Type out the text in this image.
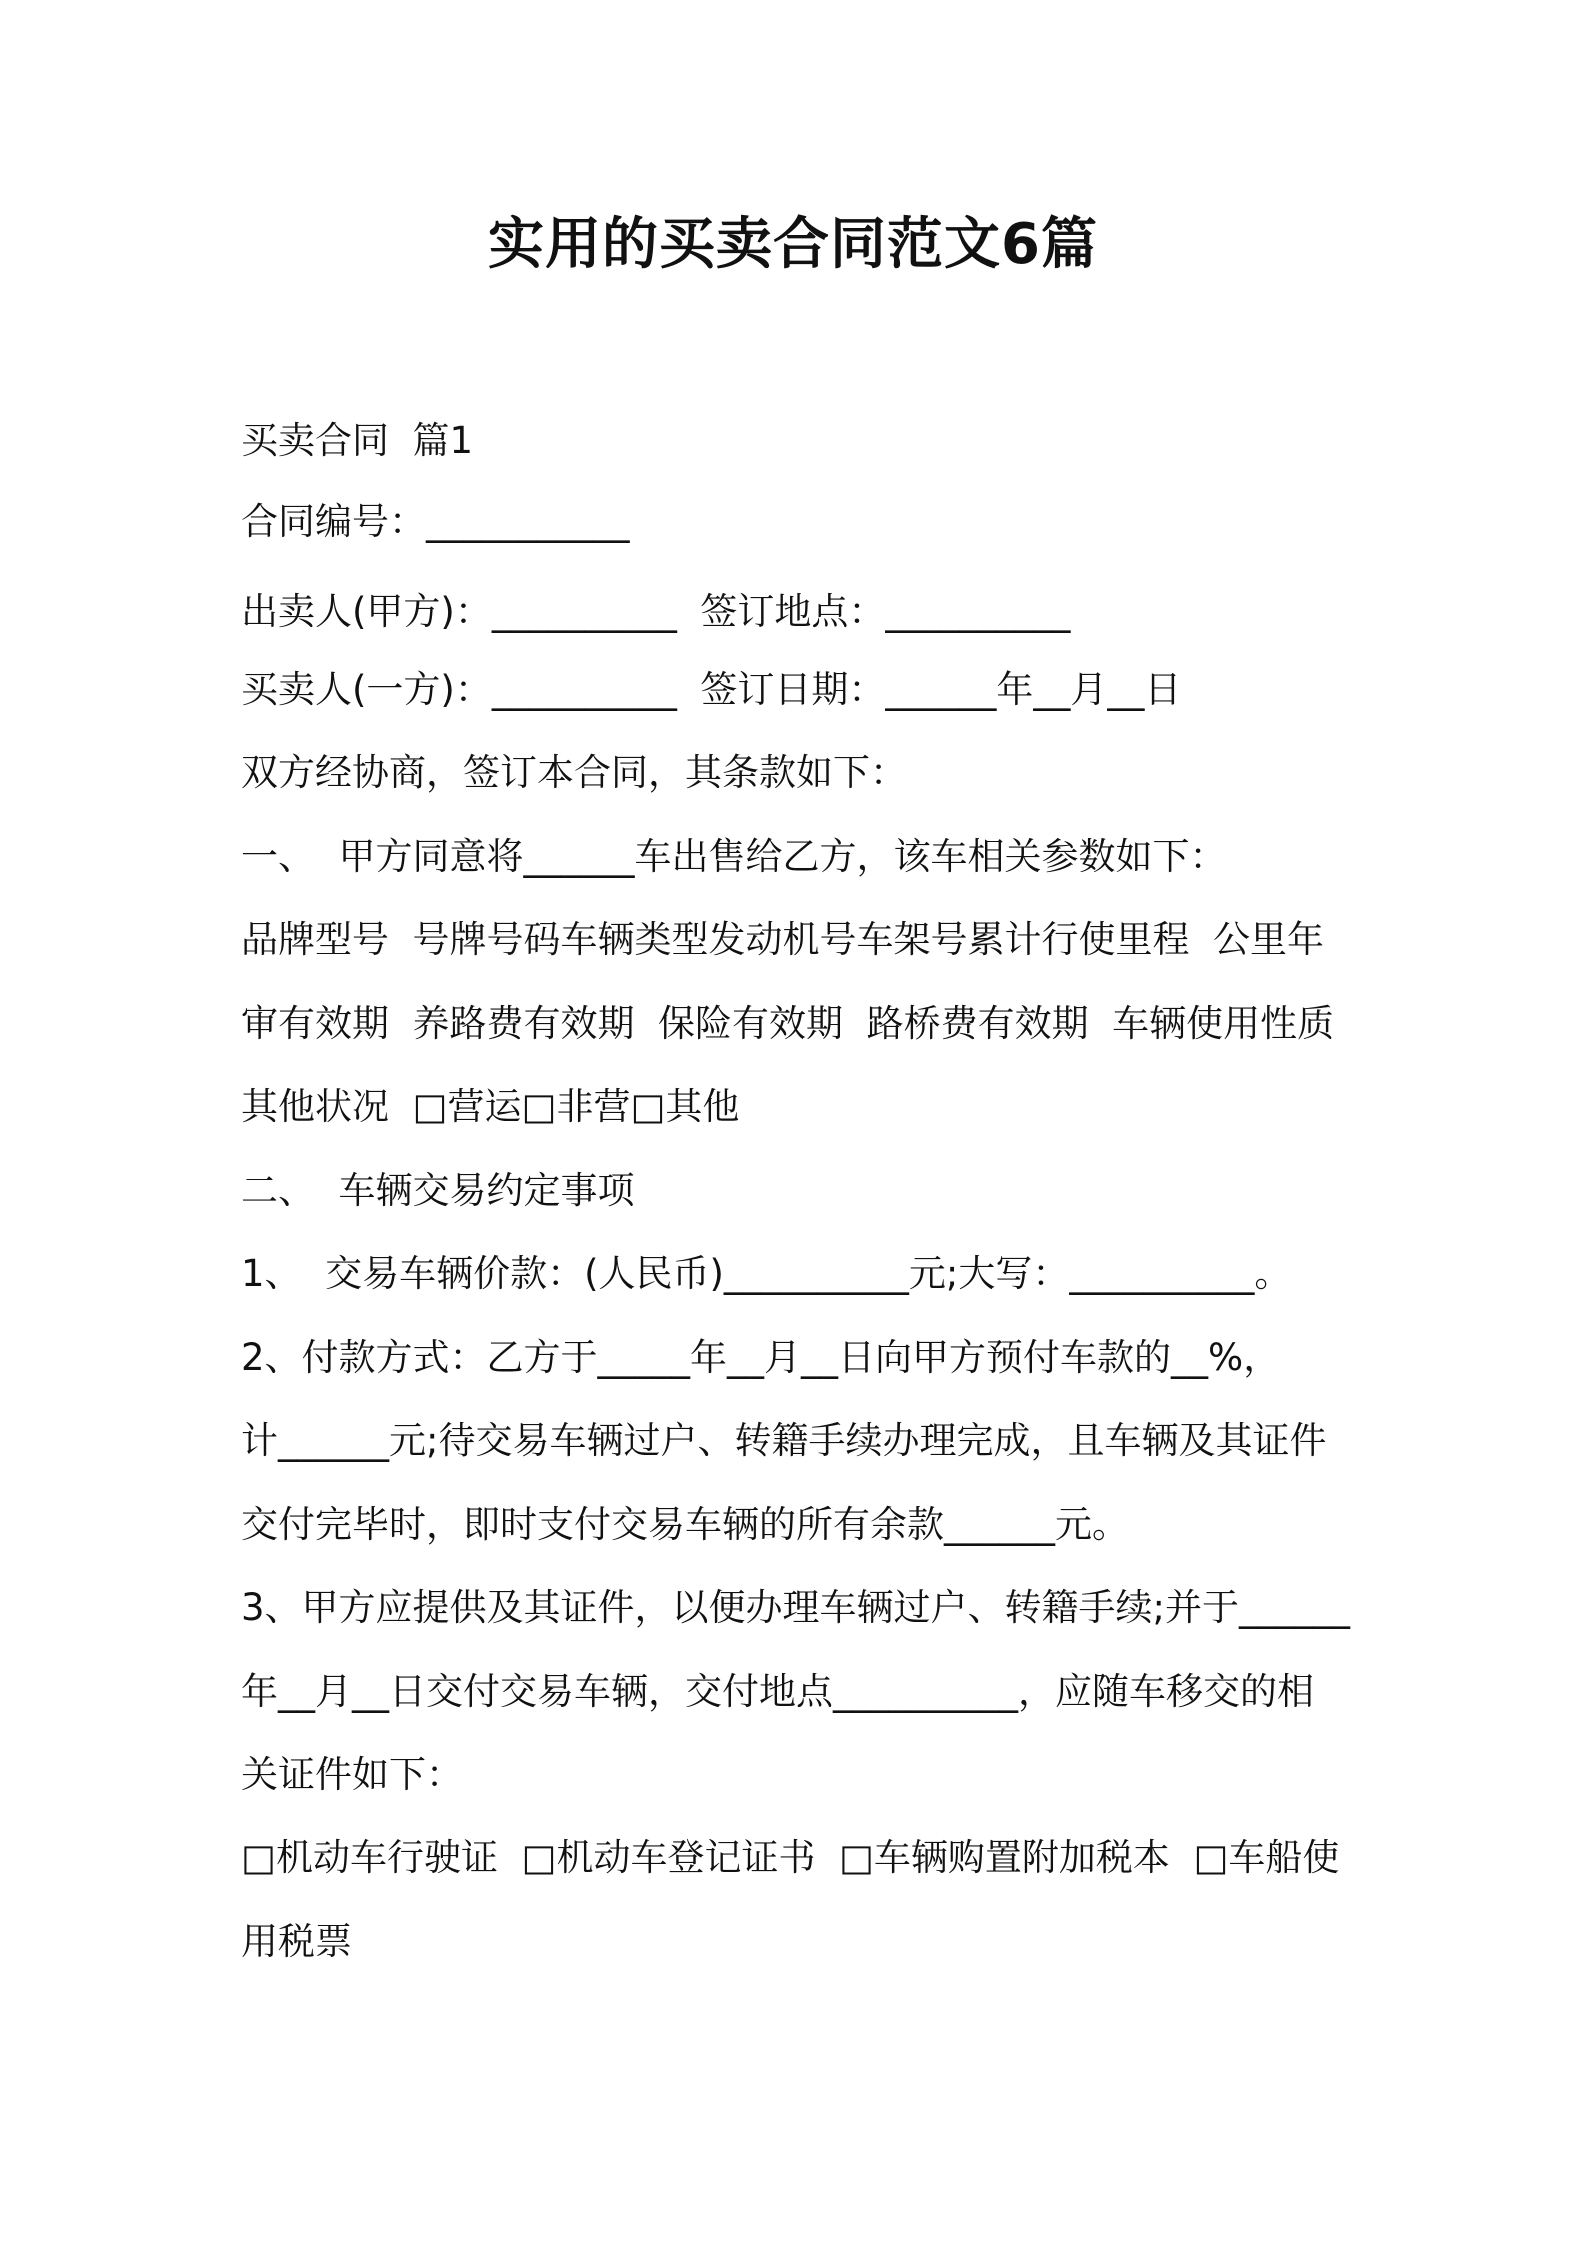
实用的买卖合同范文6篇
买卖合同  篇1
合同编号：___________
出卖人(甲方)：__________  签订地点：__________
买卖人(一方)：__________  签订日期：______年__月__日
双方经协商，签订本合同，其条款如下：
一、  甲方同意将______车出售给乙方，该车相关参数如下：
品牌型号  号牌号码车辆类型发动机号车架号累计行使里程  公里年
审有效期  养路费有效期  保险有效期  路桥费有效期  车辆使用性质
其他状况  □营运□非营□其他
二、  车辆交易约定事项
1、  交易车辆价款：(人民币)__________元;大写：__________。
2、付款方式：乙方于_____年__月__日向甲方预付车款的__%，
计______元;待交易车辆过户、转籍手续办理完成，且车辆及其证件
交付完毕时，即时支付交易车辆的所有余款______元。
3、甲方应提供及其证件，以便办理车辆过户、转籍手续;并于______
年__月__日交付交易车辆，交付地点__________，应随车移交的相
关证件如下：
□机动车行驶证  □机动车登记证书  □车辆购置附加税本  □车船使
用税票
